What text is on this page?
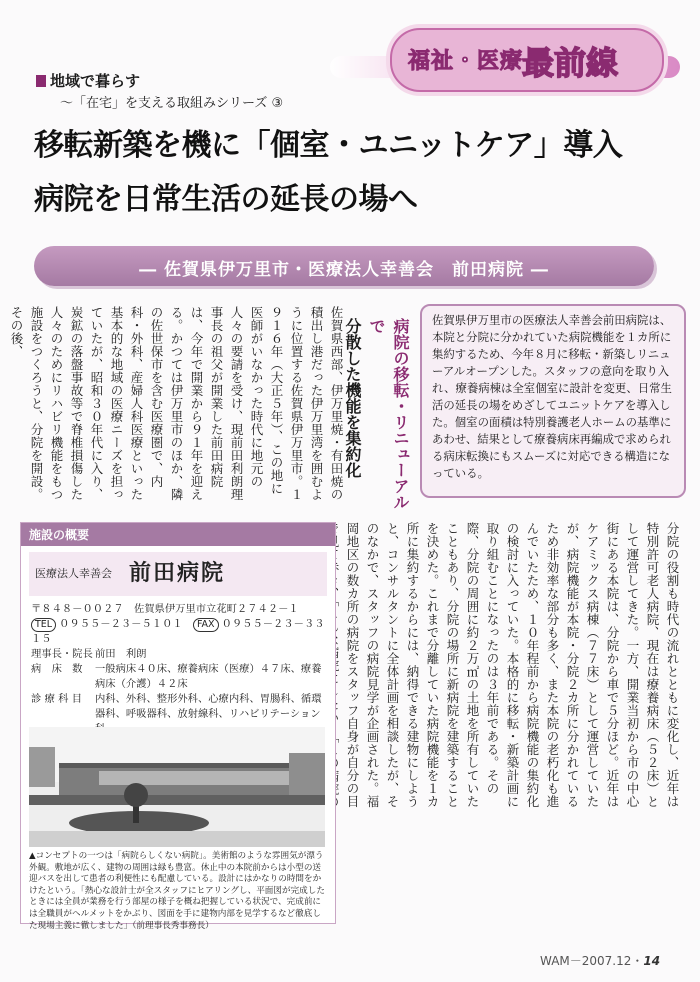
福祉・医療
最前線
地域で暮らす
～「在宅」を支える取組みシリーズ ③
移転新築を機に「個室・ユニットケア」導入
病院を日常生活の延長の場へ
― 佐賀県伊万里市・医療法人幸善会　前田病院 ―
佐賀県西部、伊万里焼・有田焼の積出し港だった伊万里湾を囲むように位置する佐賀県伊万里市。１９１６年（大正５年）、この地に医師がいなかった時代に地元の人々の要請を受け、現前田利朗理事長の祖父が開業した前田病院は、今年で開業から９１年を迎える。かつては伊万里市のほか、隣の佐世保市を含む医療圏で、内科・外科、産婦人科医療といった基本的な地域の医療ニーズを担っていたが、昭和３０年代に入り、炭鉱の落盤事故等で脊椎損傷した人々のためにリハビリ機能をもつ施設をつくろうと、分院を開設。その後、	病院の移転・リニューアルで
分散した機能を集約化	佐賀県伊万里市の医療法人幸善会前田病院は、本院と分院に分かれていた病院機能を１カ所に集約するため、今年８月に移転・新築しリニューアルオープンした。スタッフの意向を取り入れ、療養病棟は全室個室に設計を変更、日常生活の延長の場をめざしてユニットケアを導入した。個室の面積は特別養護老人ホームの基準にあわせ、結果として療養病床再編成で求められる病床転換にもスムーズに対応できる構造になっている。

分院の役割も時代の流れとともに変化し、近年は特別許可老人病院、現在は療養病床（５２床）として運営してきた。一方、開業当初から市の中心街にある本院は、分院から車で５分ほど。近年はケアミックス病棟（７７床）として運営していたが、病院機能が本院・分院２カ所に分かれているため非効率な部分も多く、また本院の老朽化も進んでいたため、１０年程前から病院機能の集約化の検討に入っていた。本格的に移転・新築計画に取り組むことになったのは３年前である。その際、分院の周囲に約２万㎡の土地を所有していたこともあり、分院の場所に新病院を建築することを決めた。これまで分離していた病院機能を１カ所に集約するからには、納得できる建物にしようと、コンサルタントに全体計画を相談したが、そのなかで、スタッフの病院見学が企画された。福岡地区の数カ所の病院をスタッフ自身が自分の目
施設の概要
医療法人幸善会 前田病院
〒８４８－００２７　佐賀県伊万里市立花町２７４２－１
TEL ０９５５－２３－５１０１　 FAX ０９５５－２３－３３１５
理事長・院長 前田　利朗
病　床　数	一般病床４０床、療養病床（医療）４７床、療養病床（介護）４２床
診 療 科 目	内科、外科、整形外科、心療内科、胃腸科、循環器科、呼吸器科、放射線科、リハビリテーション
▲コンセプトの一つは「病院らしくない病院」。美術館のような雰囲気が漂う外観。敷地が広く、建物の周囲は緑も豊富。休止中の本院前からは小型の送迎バスを出して患者の利便性にも配慮している。設計にはかなりの時間をかけたという。「熱心な設計士が全スタッフにヒアリングし、平面図が完成したときには全員が業務を行う部屋の様子を概ね把握している状況で、完成前には全職員がヘルメットをかぶり、図面を手に建物内部を見学するなど徹底した現場主義に徹しました」（前理事長秀事務長）
WAM－2007.12・14
